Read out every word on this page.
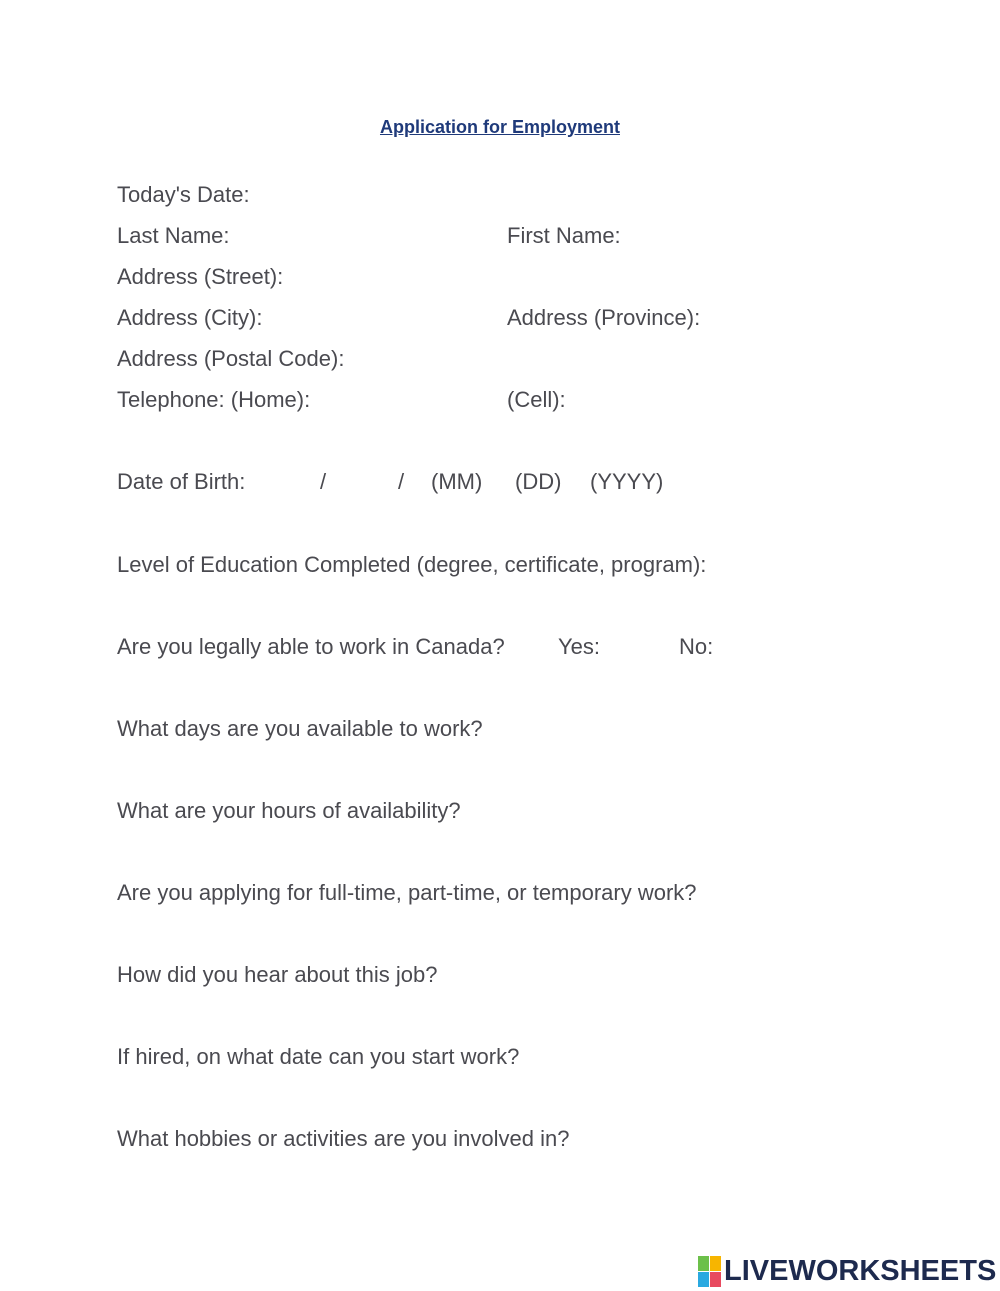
Application for Employment
Today's Date:
Last Name:	First Name:
Address (Street):
Address (City):	Address (Province):
Address (Postal Code):
Telephone: (Home):	(Cell):
Date of Birth:	/	/ (MM) (DD) (YYYY)
Level of Education Completed (degree, certificate, program):
Are you legally able to work in Canada? Yes:	No:
What days are you available to work?
What are your hours of availability?
Are you applying for full-time, part-time, or temporary work?
How did you hear about this job?
If hired, on what date can you start work?
What hobbies or activities are you involved in?
LIVEWORKSHEETS
